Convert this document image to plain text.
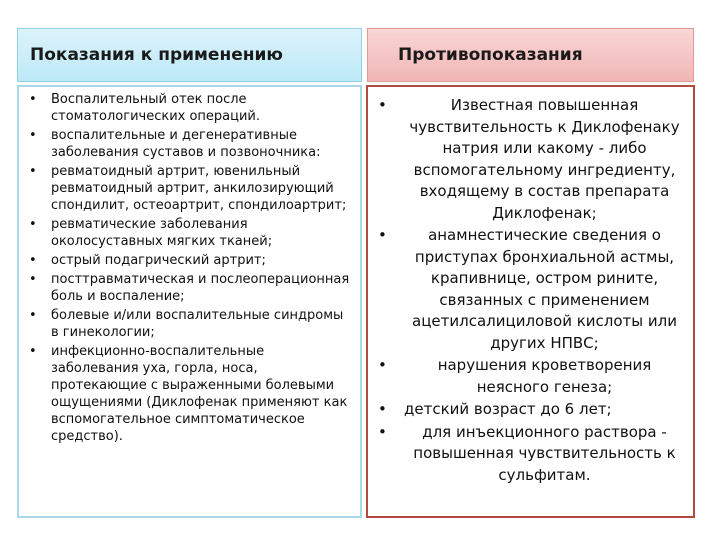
Показания к применению	Противопоказания
• Воспалительный отек после стоматологических операций.
• воспалительные и дегенеративные заболевания суставов и позвоночника:
• ревматоидный артрит, ювенильный ревматоидный артрит, анкилозирующий спондилит, остеоартрит, спондилоартрит;
• ревматические заболевания околосуставных мягких тканей;
• острый подагрический артрит;
• посттравматическая и послеоперационная боль и воспаление;
• болевые и/или воспалительные синдромы в гинекологии;
• инфекционно-воспалительные заболевания уха, горла, носа, протекающие с выраженными болевыми ощущениями (Диклофенак применяют как вспомогательное симптоматическое средство).
•	Известная повышенная чувствительность к Диклофенаку натрия или какому - либо вспомогательному ингредиенту, входящему в состав препарата Диклофенак;
•	анамнестические сведения о приступах бронхиальной астмы, крапивнице, остром рините, связанных с применением ацетилсалициловой кислоты или других НПВС;
•	нарушения кроветворения неясного генеза;
• детский возраст до 6 лет;
•	для инъекционного раствора - повышенная чувствительность к сульфитам.
